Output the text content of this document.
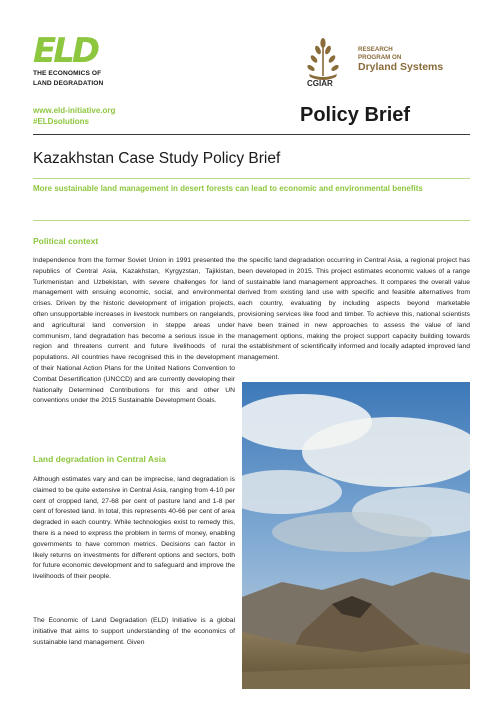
ELD
THE ECONOMICS OF
LAND DEGRADATION	CGIAR
RESEARCH
PROGRAM ON
Dryland Systems
www.eld-initiative.org
#ELDsolutions	Policy Brief
Kazakhstan Case Study Policy Brief
More sustainable land management in desert forests can lead to economic and environmental benefits
Political context
Independence from the former Soviet Union in 1991 presented the republics of Central Asia, Kazakhstan, Kyrgyzstan, Tajikistan, Turkmenistan and Uzbekistan, with severe challenges for land management with ensuing economic, social, and environmental crises. Driven by the historic development of irrigation projects, often unsupportable increases in livestock numbers on rangelands, and agricultural land conversion in steppe areas under communism, land degradation has become a serious issue in the region and threatens current and future livelihoods of rural populations. All countries have recognised this in the development of their National Action Plans for the United Nations Convention to Combat Desertification (UNCCD) and are currently developing their Nationally Determined Contributions for this and other UN conventions under the 2015 Sustainable Development Goals.
the specific land degradation occurring in Central Asia, a regional project has been developed in 2015. This project estimates economic values of a range of sustainable land management approaches. It compares the overall value derived from existing land use with specific and feasible alternatives from each country, evaluating by including aspects beyond marketable provisioning services like food and timber. To achieve this, national scientists have been trained in new approaches to assess the value of land management options, making the project support capacity building towards the establishment of scientifically informed and locally adapted improved land management.
Land degradation in Central Asia
Although estimates vary and can be imprecise, land degradation is claimed to be quite extensive in Central Asia, ranging from 4-10 per cent of cropped land, 27-68 per cent of pasture land and 1-8 per cent of forested land. In total, this represents 40-66 per cent of area degraded in each country. While technologies exist to remedy this, there is a need to express the problem in terms of money, enabling governments to have common metrics. Decisions can factor in likely returns on investments for different options and sectors, both for future economic development and to safeguard and improve the livelihoods of their people.
The Economic of Land Degradation (ELD) Initiative is a global initiative that aims to support understanding of the economics of sustainable land management. Given
